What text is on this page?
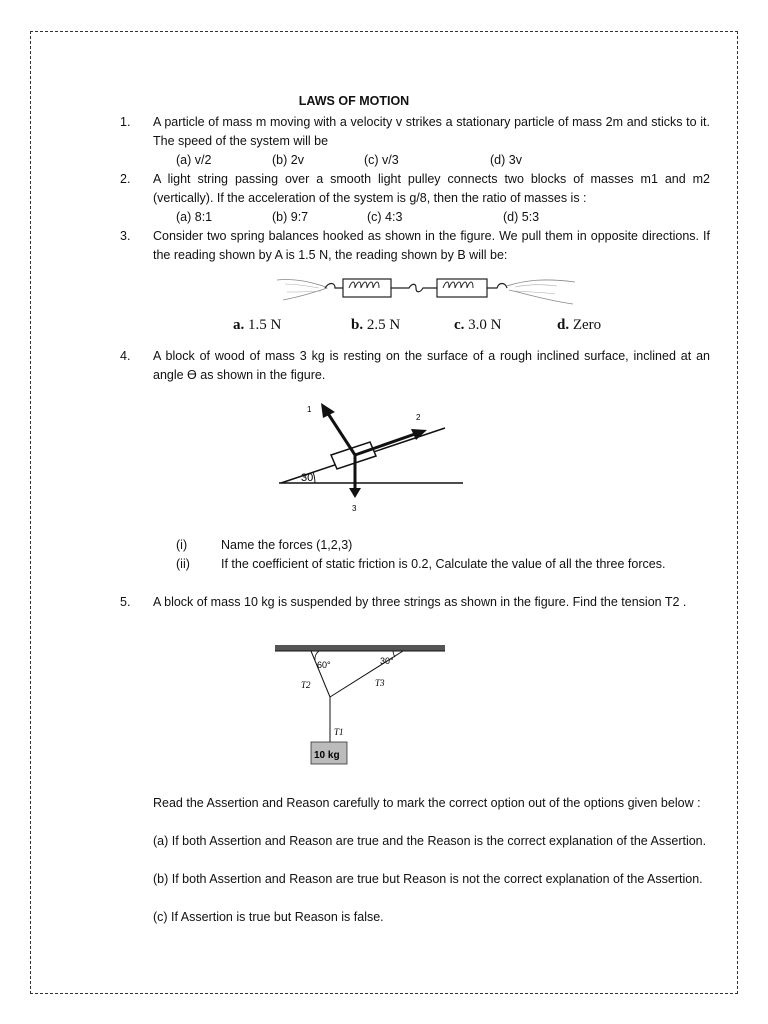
LAWS OF MOTION
1. A particle of mass m moving with a velocity v strikes a stationary particle of mass 2m and sticks to it. The speed of the system will be
(a) v/2	(b) 2v	(c) v/3	(d) 3v
2. A light string passing over a smooth light pulley connects two blocks of masses m1 and m2 (vertically). If the acceleration of the system is g/8, then the ratio of masses is :
(a) 8:1	(b) 9:7	(c) 4:3	(d) 5:3
3. Consider two spring balances hooked as shown in the figure. We pull them in opposite directions. If the reading shown by A is 1.5 N, the reading shown by B will be:
a. 1.5 N	b. 2.5 N	c. 3.0 N	d. Zero
4. A block of wood of mass 3 kg is resting on the surface of a rough inclined surface, inclined at an angle Ө as shown in the figure.
30
1
2
3
(i)	Name the forces (1,2,3)
(ii) If the coefficient of static friction is 0.2, Calculate the value of all the three forces.
5. A block of mass 10 kg is suspended by three strings as shown in the figure. Find the tension T2 .
60°	30°
T2	T3
T1
10 kg
Read the Assertion and Reason carefully to mark the correct option out of the options given below :
(a) If both Assertion and Reason are true and the Reason is the correct explanation of the Assertion.
(b) If both Assertion and Reason are true but Reason is not the correct explanation of the Assertion.
(c) If Assertion is true but Reason is false.
